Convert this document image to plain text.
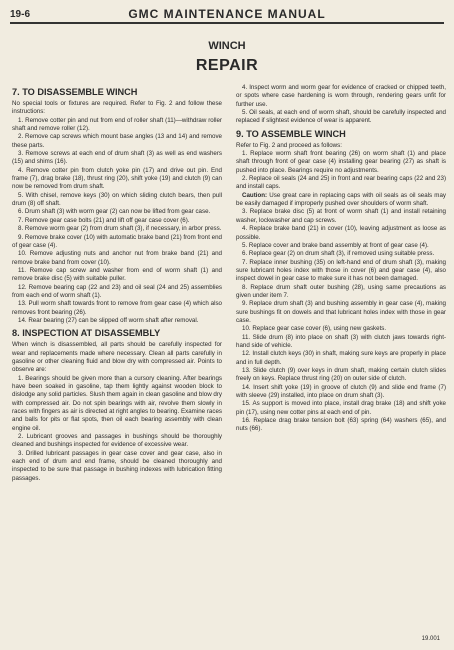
19-6	GMC MAINTENANCE MANUAL
WINCH
REPAIR
7. TO DISASSEMBLE WINCH

No special tools or fixtures are required. Refer to Fig. 2 and follow these instructions:

1. Remove cotter pin and nut from end of roller shaft (11)—withdraw roller shaft and remove roller (12).

2. Remove cap screws which mount base angles (13 and 14) and remove these parts.

3. Remove screws at each end of drum shaft (3) as well as end washers (15) and shims (16).

4. Remove cotter pin from clutch yoke pin (17) and drive out pin. End frame (7), drag brake (18), thrust ring (20), shift yoke (19) and clutch (9) can now be removed from drum shaft.

5. With chisel, remove keys (30) on which sliding clutch bears, then pull drum (8) off shaft.

6. Drum shaft (3) with worm gear (2) can now be lifted from gear case.

7. Remove gear case bolts (21) and lift off gear case cover (6).

8. Remove worm gear (2) from drum shaft (3), if necessary, in arbor press.

9. Remove brake cover (10) with automatic brake band (21) from front end of gear case (4).

10. Remove adjusting nuts and anchor nut from brake band (21) and remove brake band from cover (10).

11. Remove cap screw and washer from end of worm shaft (1) and remove brake disc (5) with suitable puller.

12. Remove bearing cap (22 and 23) and oil seal (24 and 25) assemblies from each end of worm shaft (1).

13. Pull worm shaft towards front to remove from gear case (4) which also removes front bearing (26).

14. Rear bearing (27) can be slipped off worm shaft after removal.

8. INSPECTION AT DISASSEMBLY

When winch is disassembled, all parts should be carefully inspected for wear and replacements made where necessary. Clean all parts carefully in gasoline or other cleaning fluid and blow dry with compressed air. Points to observe are:

1. Bearings should be given more than a cursory cleaning. After bearings have been soaked in gasoline, tap them lightly against wooden block to dislodge any solid particles. Slush them again in clean gasoline and blow dry with compressed air. Do not spin bearings with air, revolve them slowly in races with fingers as air is directed at right angles to bearing. Examine races and balls for pits or flat spots, then oil each bearing assembly with clean engine oil.

2. Lubricant grooves and passages in bushings should be thoroughly cleaned and bushings inspected for evidence of excessive wear.

3. Drilled lubricant passages in gear case cover and gear case, also in each end of drum and end frame, should be cleaned thoroughly and inspected to be sure that passage in bushing indexes with lubrication fitting passages.

4. Inspect worm and worm gear for evidence of cracked or chipped teeth, or spots where case hardening is worn through, rendering gears unfit for further use.

5. Oil seals, at each end of worm shaft, should be carefully inspected and replaced if slightest evidence of wear is apparent.

9. TO ASSEMBLE WINCH

Refer to Fig. 2 and proceed as follows:

1. Replace worm shaft front bearing (26) on worm shaft (1) and place shaft through front of gear case (4) installing gear bearing (27) as shaft is pushed into place. Bearings require no adjustments.

2. Replace oil seals (24 and 25) in front and rear bearing caps (22 and 23) and install caps.

Caution: Use great care in replacing caps with oil seals as oil seals may be easily damaged if improperly pushed over shoulders of worm shaft.

3. Replace brake disc (5) at front of worm shaft (1) and install retaining washer, lockwasher and cap screws.

4. Replace brake band (21) in cover (10), leaving adjustment as loose as possible.

5. Replace cover and brake band assembly at front of gear case (4).

6. Replace gear (2) on drum shaft (3), if removed using suitable press.

7. Replace inner bushing (35) on left-hand end of drum shaft (3), making sure lubricant holes index with those in cover (6) and gear case (4), also inspect dowel in gear case to make sure it has not been damaged.

8. Replace drum shaft outer bushing (28), using same precautions as given under item 7.

9. Replace drum shaft (3) and bushing assembly in gear case (4), making sure bushings fit on dowels and that lubricant holes index with those in gear case.

10. Replace gear case cover (6), using new gaskets.

11. Slide drum (8) into place on shaft (3) with clutch jaws towards right-hand side of vehicle.

12. Install clutch keys (30) in shaft, making sure keys are properly in place and in full depth.

13. Slide clutch (9) over keys in drum shaft, making certain clutch slides freely on keys. Replace thrust ring (20) on outer side of clutch.

14. Insert shift yoke (19) in groove of clutch (9) and slide end frame (7) with sleeve (29) installed, into place on drum shaft (3).

15. As support is moved into place, install drag brake (18) and shift yoke pin (17), using new cotter pins at each end of pin.

16. Replace drag brake tension bolt (63) spring (64) washers (65), and nuts (66).

19.001
